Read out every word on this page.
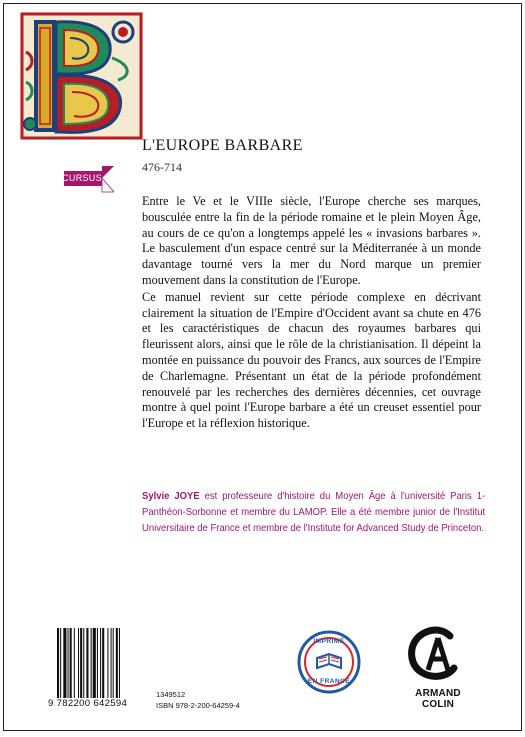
CURSUS
L'EUROPE BARBARE
476-714

Entre le Ve et le VIIIe siècle, l'Europe cherche ses marques, bousculée entre la fin de la période romaine et le plein Moyen Âge, au cours de ce qu'on a longtemps appelé les « invasions barbares ». Le basculement d'un espace centré sur la Méditerranée à un monde davantage tourné vers la mer du Nord marque un premier mouvement dans la constitution de l'Europe.

Ce manuel revient sur cette période complexe en décrivant clairement la situation de l'Empire d'Occident avant sa chute en 476 et les caractéristiques de chacun des royaumes barbares qui fleurissent alors, ainsi que le rôle de la christianisation. Il dépeint la montée en puissance du pouvoir des Francs, aux sources de l'Empire de Charlemagne. Présentant un état de la période profondément renouvelé par les recherches des dernières décennies, cet ouvrage montre à quel point l'Europe barbare a été un creuset essentiel pour l'Europe et la réflexion historique.

Sylvie JOYE est professeure d'histoire du Moyen Âge à l'université Paris 1-Panthéon-Sorbonne et membre du LAMOP. Elle a été membre junior de l'Institut Universitaire de France et membre de l'Institute for Advanced Study de Princeton.
9 782200 642594
1349512
ISBN 978-2-200-64259-4
IMPRIMÉ
EN FRANCE
ARMAND COLIN
